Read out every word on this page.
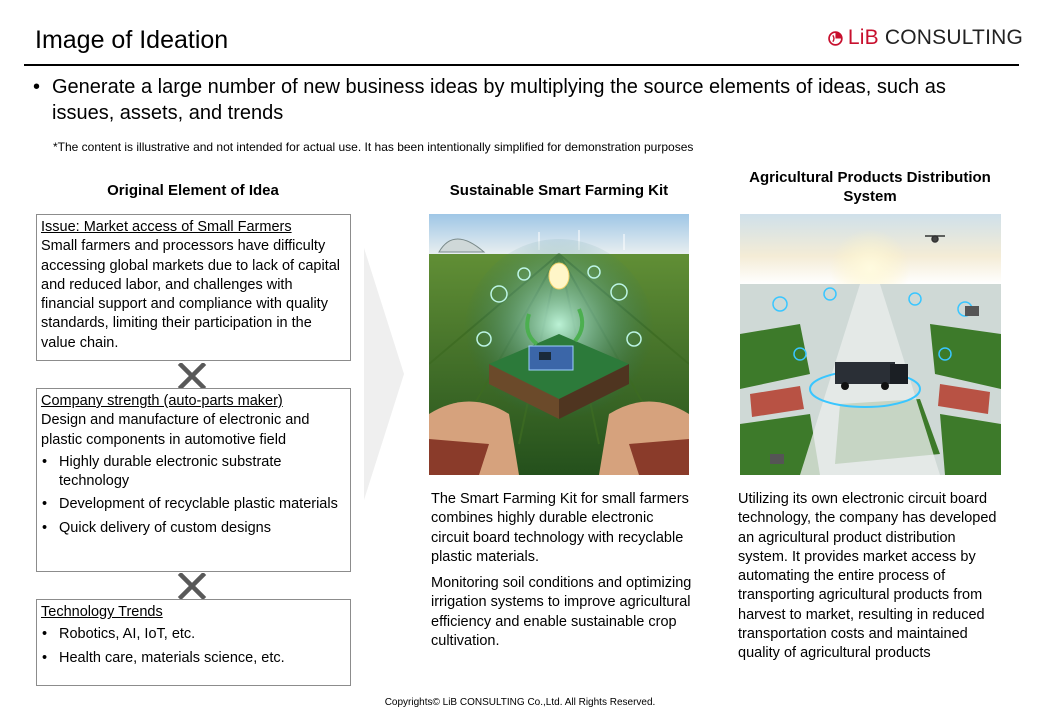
Image of Ideation	LiB CONSULTING
• Generate a large number of new business ideas by multiplying the source elements of ideas, such as issues, assets, and trends
*The content is illustrative and not intended for actual use. It has been intentionally simplified for demonstration purposes
Original Element of Idea	Sustainable Smart Farming Kit
Agricultural Products Distribution System
Issue: Market access of Small Farmers
Small farmers and processors have difficulty accessing global markets due to lack of capital and reduced labor, and challenges with financial support and compliance with quality standards, limiting their participation in the value chain.
Company strength (auto-parts maker)
Design and manufacture of electronic and plastic components in automotive field
• Highly durable electronic substrate technology
• Development of recyclable plastic materials
• Quick delivery of custom designs
Technology Trends
• Robotics, AI, IoT, etc.
• Health care, materials science, etc.

The Smart Farming Kit for small farmers combines highly durable electronic circuit board technology with recyclable plastic materials.

Monitoring soil conditions and optimizing irrigation systems to improve agricultural efficiency and enable sustainable crop cultivation.

Utilizing its own electronic circuit board technology, the company has developed an agricultural product distribution system. It provides market access by automating the entire process of transporting agricultural products from harvest to market, resulting in reduced transportation costs and maintained quality of agricultural products

Copyrights© LiB CONSULTING Co.,Ltd. All Rights Reserved.
